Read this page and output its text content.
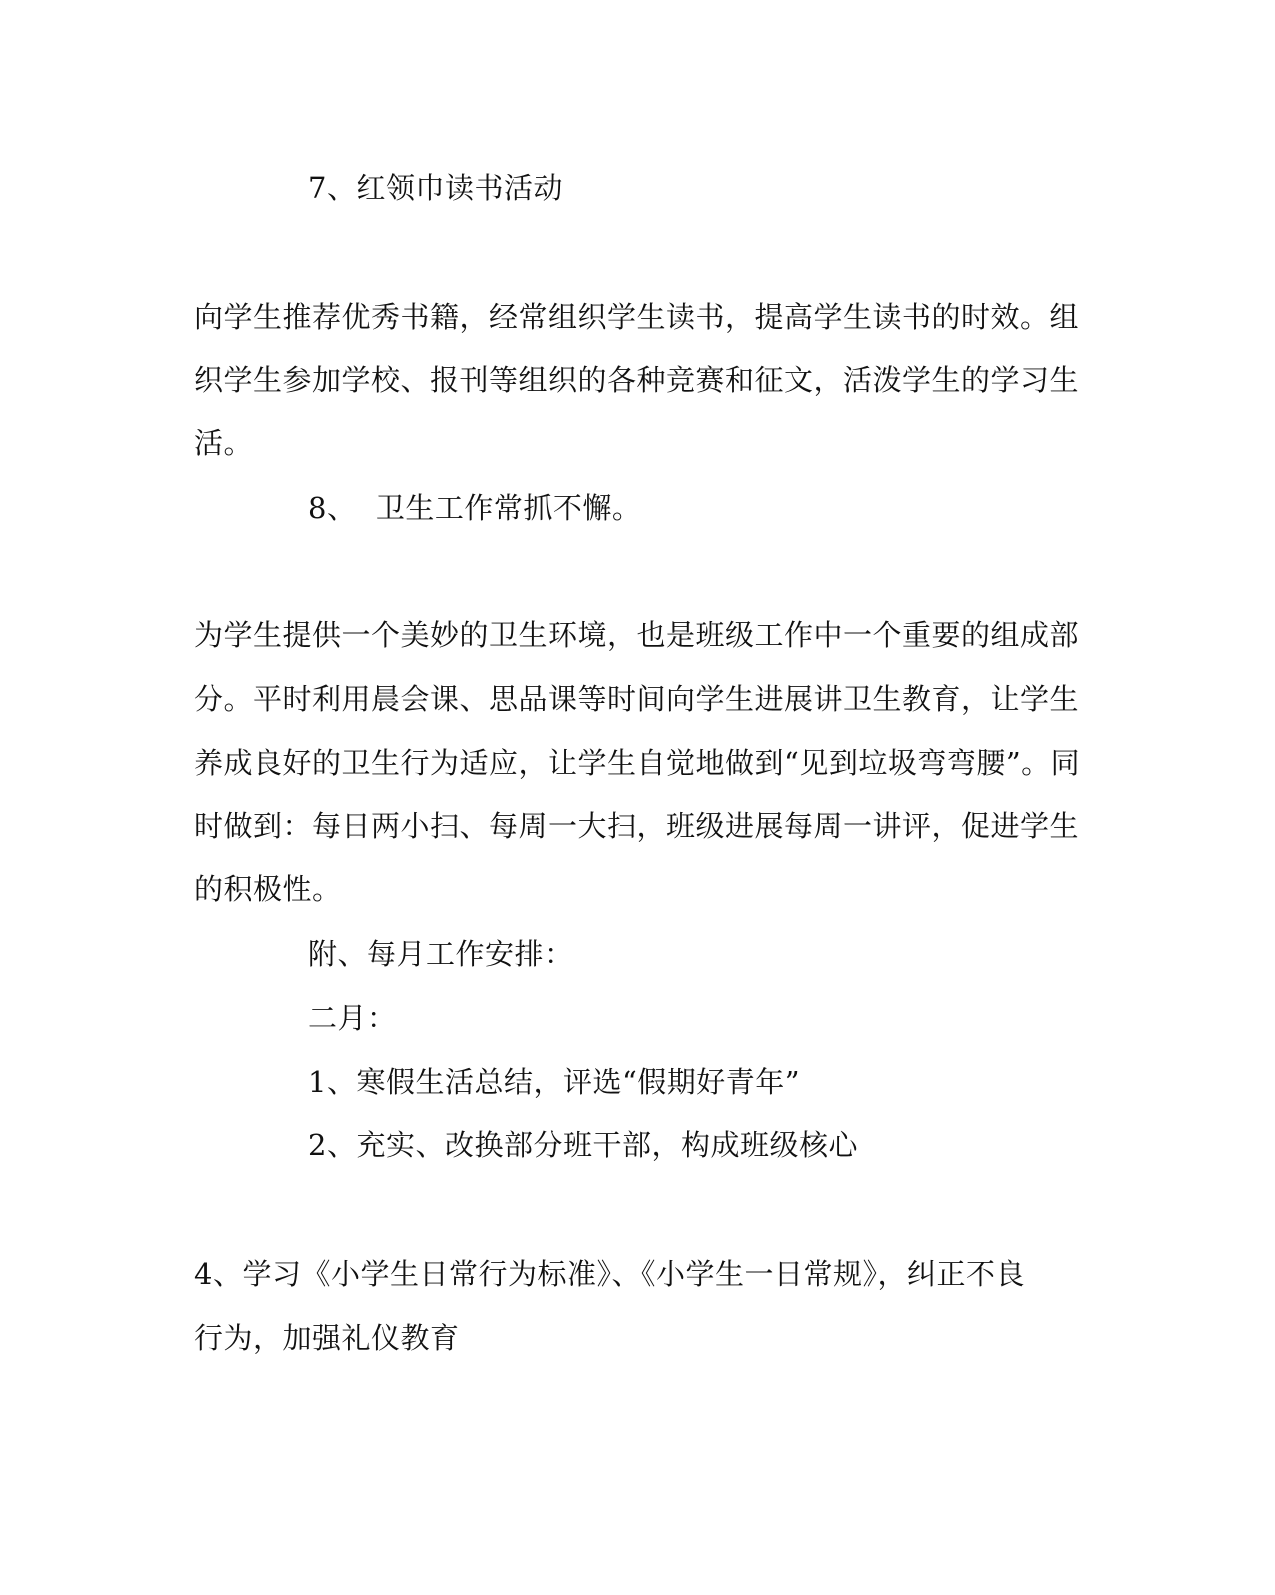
7、红领巾读书活动
向学生推荐优秀书籍，经常组织学生读书，提高学生读书的时效。组
织学生参加学校、报刊等组织的各种竞赛和征文，活泼学生的学习生
活。
8、  卫生工作常抓不懈。
为学生提供一个美妙的卫生环境，也是班级工作中一个重要的组成部
分。平时利用晨会课、思品课等时间向学生进展讲卫生教育，让学生
养成良好的卫生行为适应，让学生自觉地做到“见到垃圾弯弯腰”。同
时做到：每日两小扫、每周一大扫，班级进展每周一讲评，促进学生
的积极性。
附、每月工作安排：
二月：
1、寒假生活总结，评选“假期好青年”
2、充实、改换部分班干部，构成班级核心
4、学习《小学生日常行为标准》、《小学生一日常规》，纠正不良
行为，加强礼仪教育
